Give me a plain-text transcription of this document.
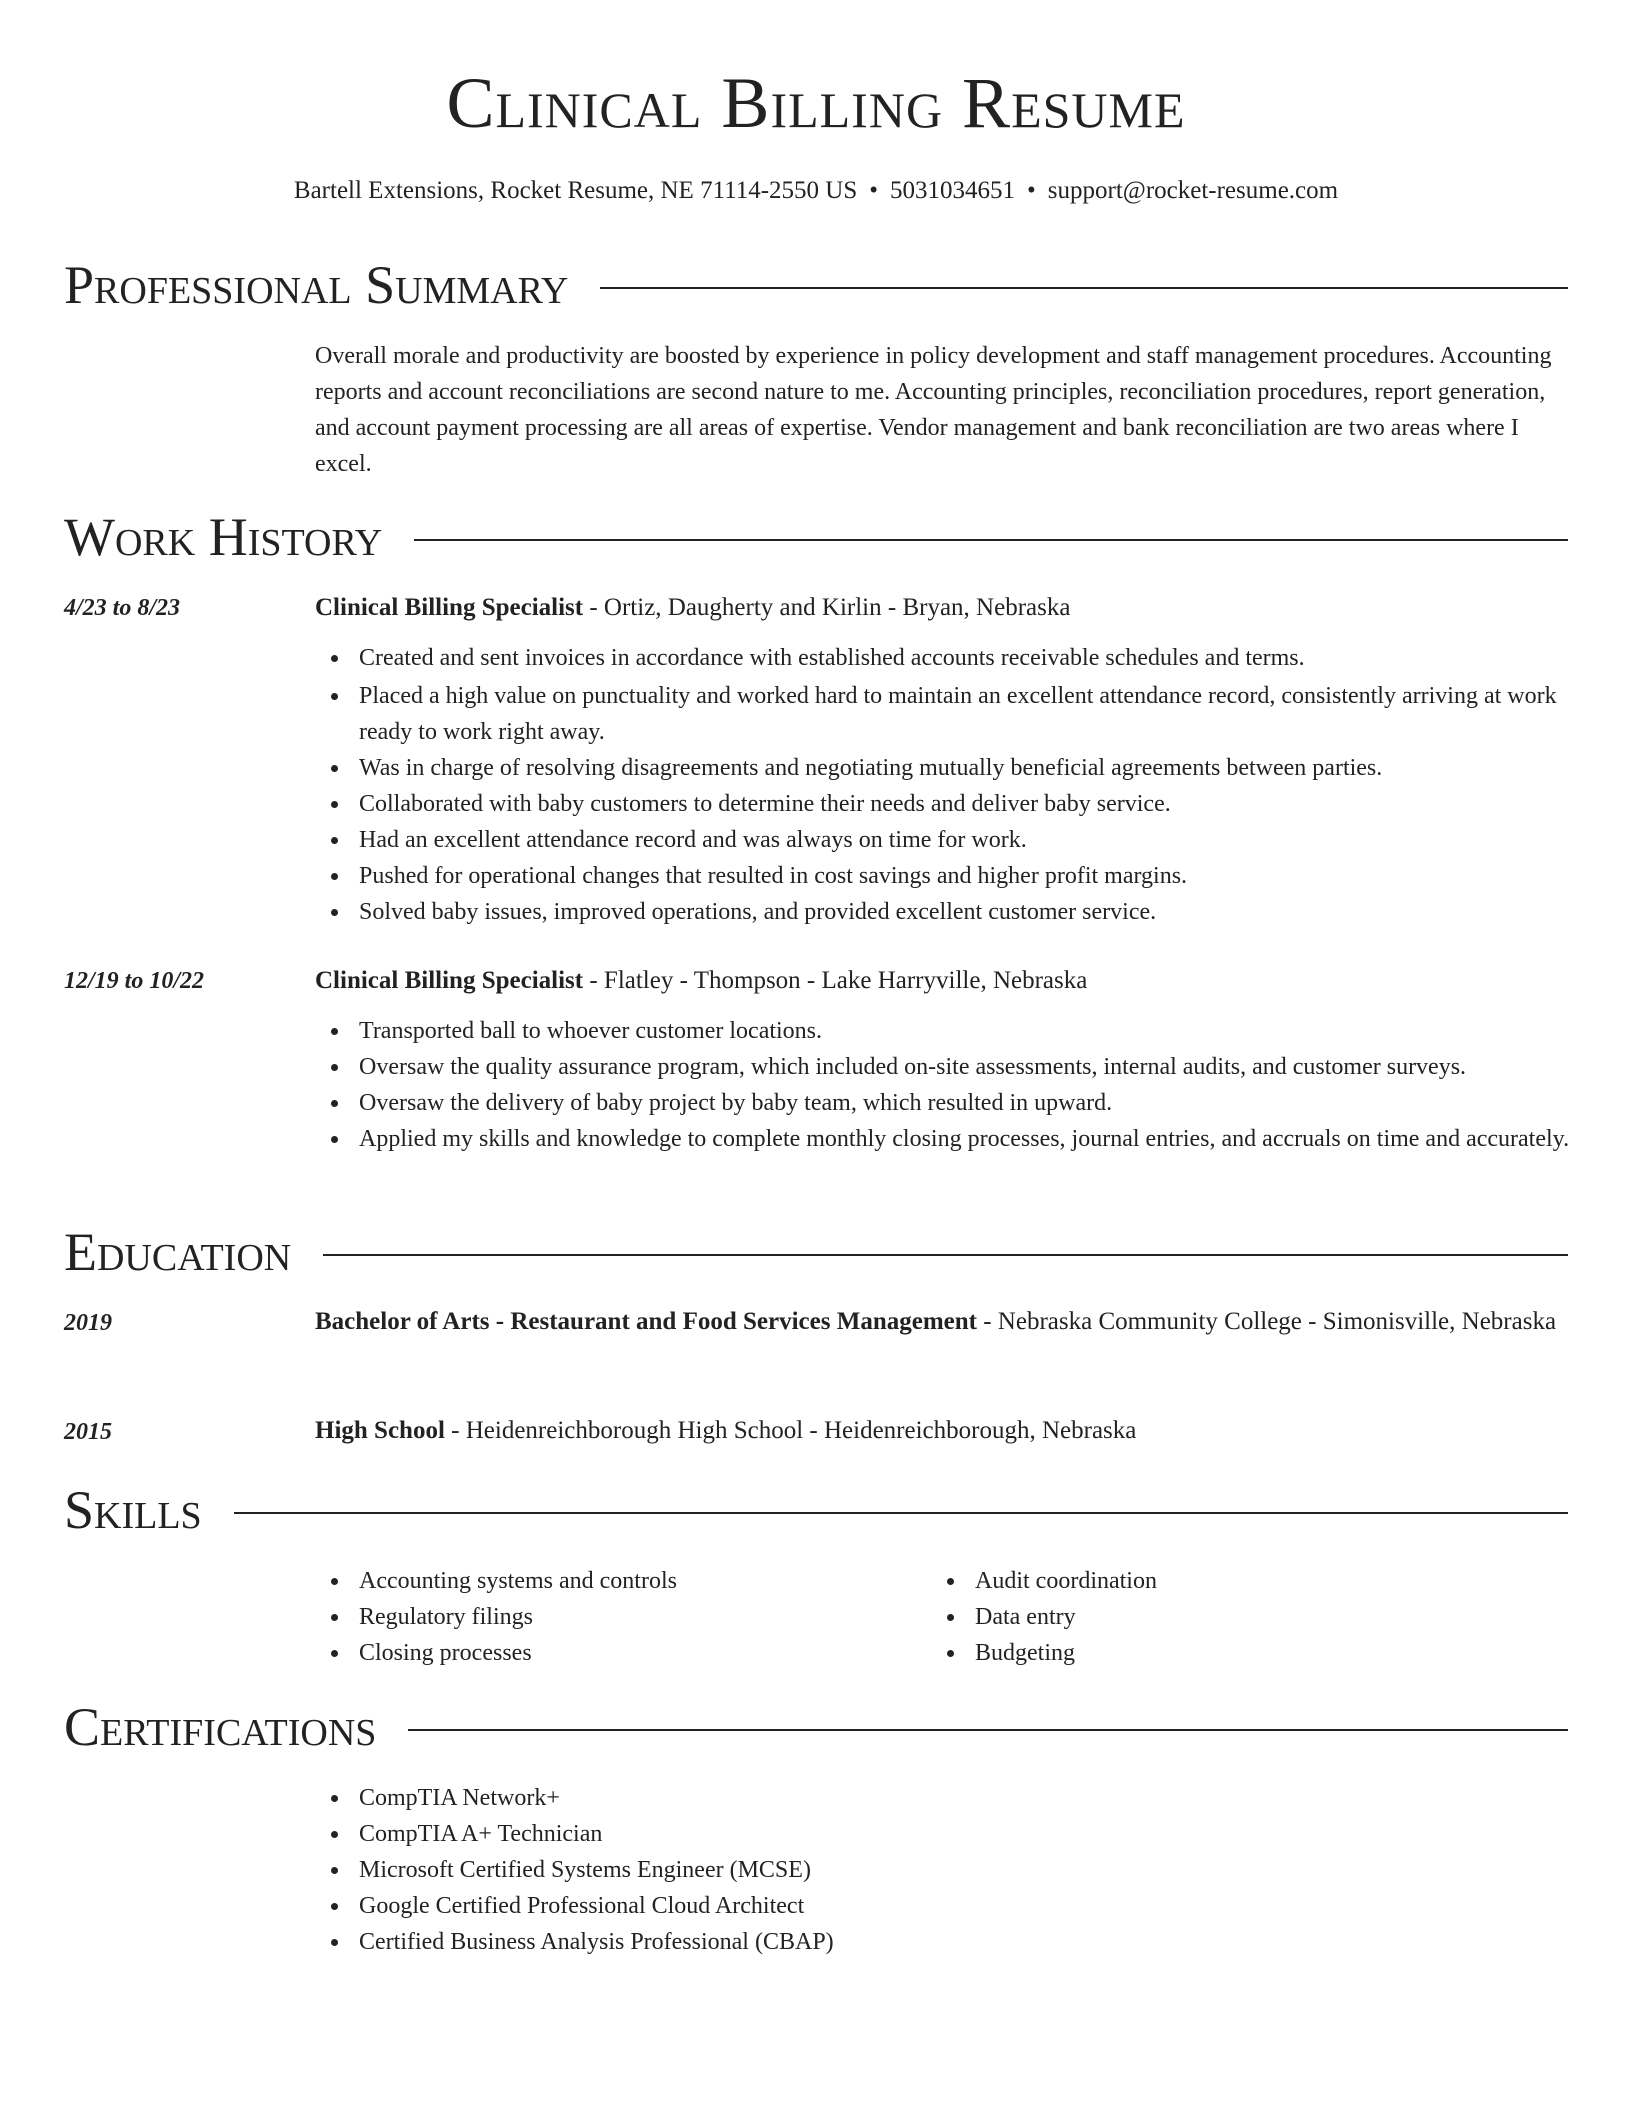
Clinical Billing Resume
Bartell Extensions, Rocket Resume, NE 71114-2550 US • 5031034651 • support@rocket-resume.com
Professional Summary
Overall morale and productivity are boosted by experience in policy development and staff management procedures. Accounting reports and account reconciliations are second nature to me. Accounting principles, reconciliation procedures, report generation, and account payment processing are all areas of expertise. Vendor management and bank reconciliation are two areas where I excel.
Work History
4/23 to 8/23	Clinical Billing Specialist - Ortiz, Daugherty and Kirlin - Bryan, Nebraska
Created and sent invoices in accordance with established accounts receivable schedules and terms.
Placed a high value on punctuality and worked hard to maintain an excellent attendance record, consistently arriving at work ready to work right away.
Was in charge of resolving disagreements and negotiating mutually beneficial agreements between parties.
Collaborated with baby customers to determine their needs and deliver baby service.
Had an excellent attendance record and was always on time for work.
Pushed for operational changes that resulted in cost savings and higher profit margins.
Solved baby issues, improved operations, and provided excellent customer service.
12/19 to 10/22	Clinical Billing Specialist - Flatley - Thompson - Lake Harryville, Nebraska
Transported ball to whoever customer locations.
Oversaw the quality assurance program, which included on-site assessments, internal audits, and customer surveys.
Oversaw the delivery of baby project by baby team, which resulted in upward.
Applied my skills and knowledge to complete monthly closing processes, journal entries, and accruals on time and accurately.
Education
2019	Bachelor of Arts - Restaurant and Food Services Management - Nebraska Community College - Simonisville, Nebraska
2015	High School - Heidenreichborough High School - Heidenreichborough, Nebraska
Skills
Accounting systems and controls
Regulatory filings
Closing processes
Audit coordination
Data entry
Budgeting
Certifications
CompTIA Network+
CompTIA A+ Technician
Microsoft Certified Systems Engineer (MCSE)
Google Certified Professional Cloud Architect
Certified Business Analysis Professional (CBAP)
